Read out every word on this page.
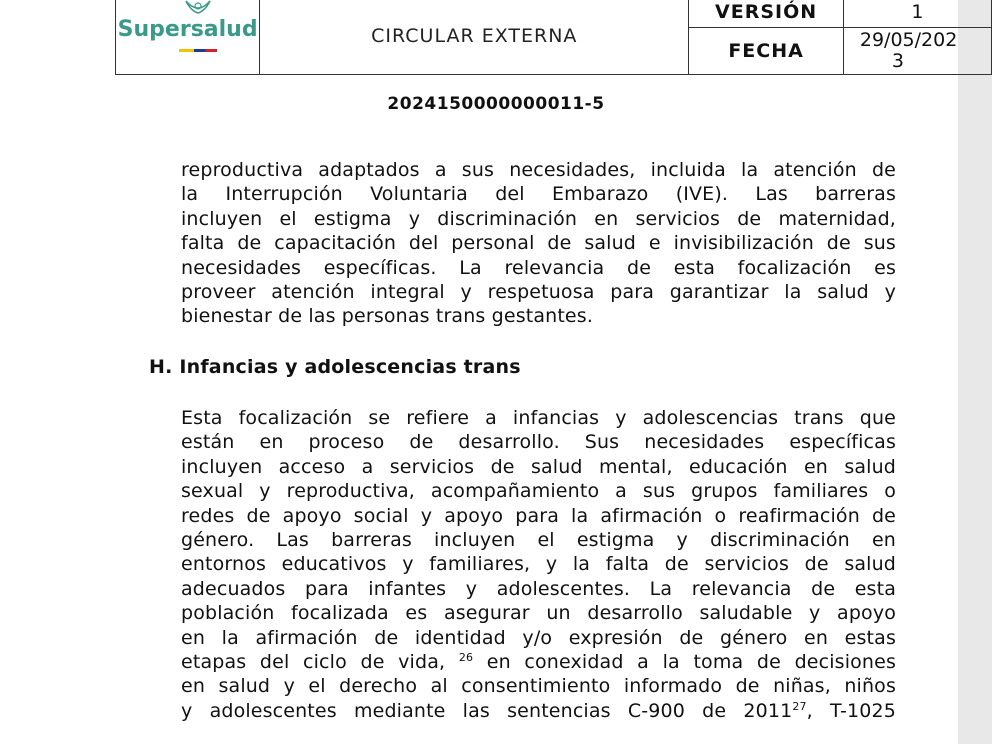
Supersalud	CIRCULAR EXTERNA	VERSIÓN	1
		FECHA	29/05/202
3
2024150000000011-5
reproductiva adaptados a sus necesidades, incluida la atención de
la Interrupción Voluntaria del Embarazo (IVE). Las barreras
incluyen el estigma y discriminación en servicios de maternidad,
falta de capacitación del personal de salud e invisibilización de sus
necesidades específicas. La relevancia de esta focalización es
proveer atención integral y respetuosa para garantizar la salud y
bienestar de las personas trans gestantes.
H. Infancias y adolescencias trans
Esta focalización se refiere a infancias y adolescencias trans que
están en proceso de desarrollo. Sus necesidades específicas
incluyen acceso a servicios de salud mental, educación en salud
sexual y reproductiva, acompañamiento a sus grupos familiares o
redes de apoyo social y apoyo para la afirmación o reafirmación de
género. Las barreras incluyen el estigma y discriminación en
entornos educativos y familiares, y la falta de servicios de salud
adecuados para infantes y adolescentes. La relevancia de esta
población focalizada es asegurar un desarrollo saludable y apoyo
en la afirmación de identidad y/o expresión de género en estas
etapas del ciclo de vida, $^{26}$ en conexidad a la toma de decisiones
en salud y el derecho al consentimiento informado de niñas, niños
y adolescentes mediante las sentencias C-900 de 2011$^{27}$, T-1025
